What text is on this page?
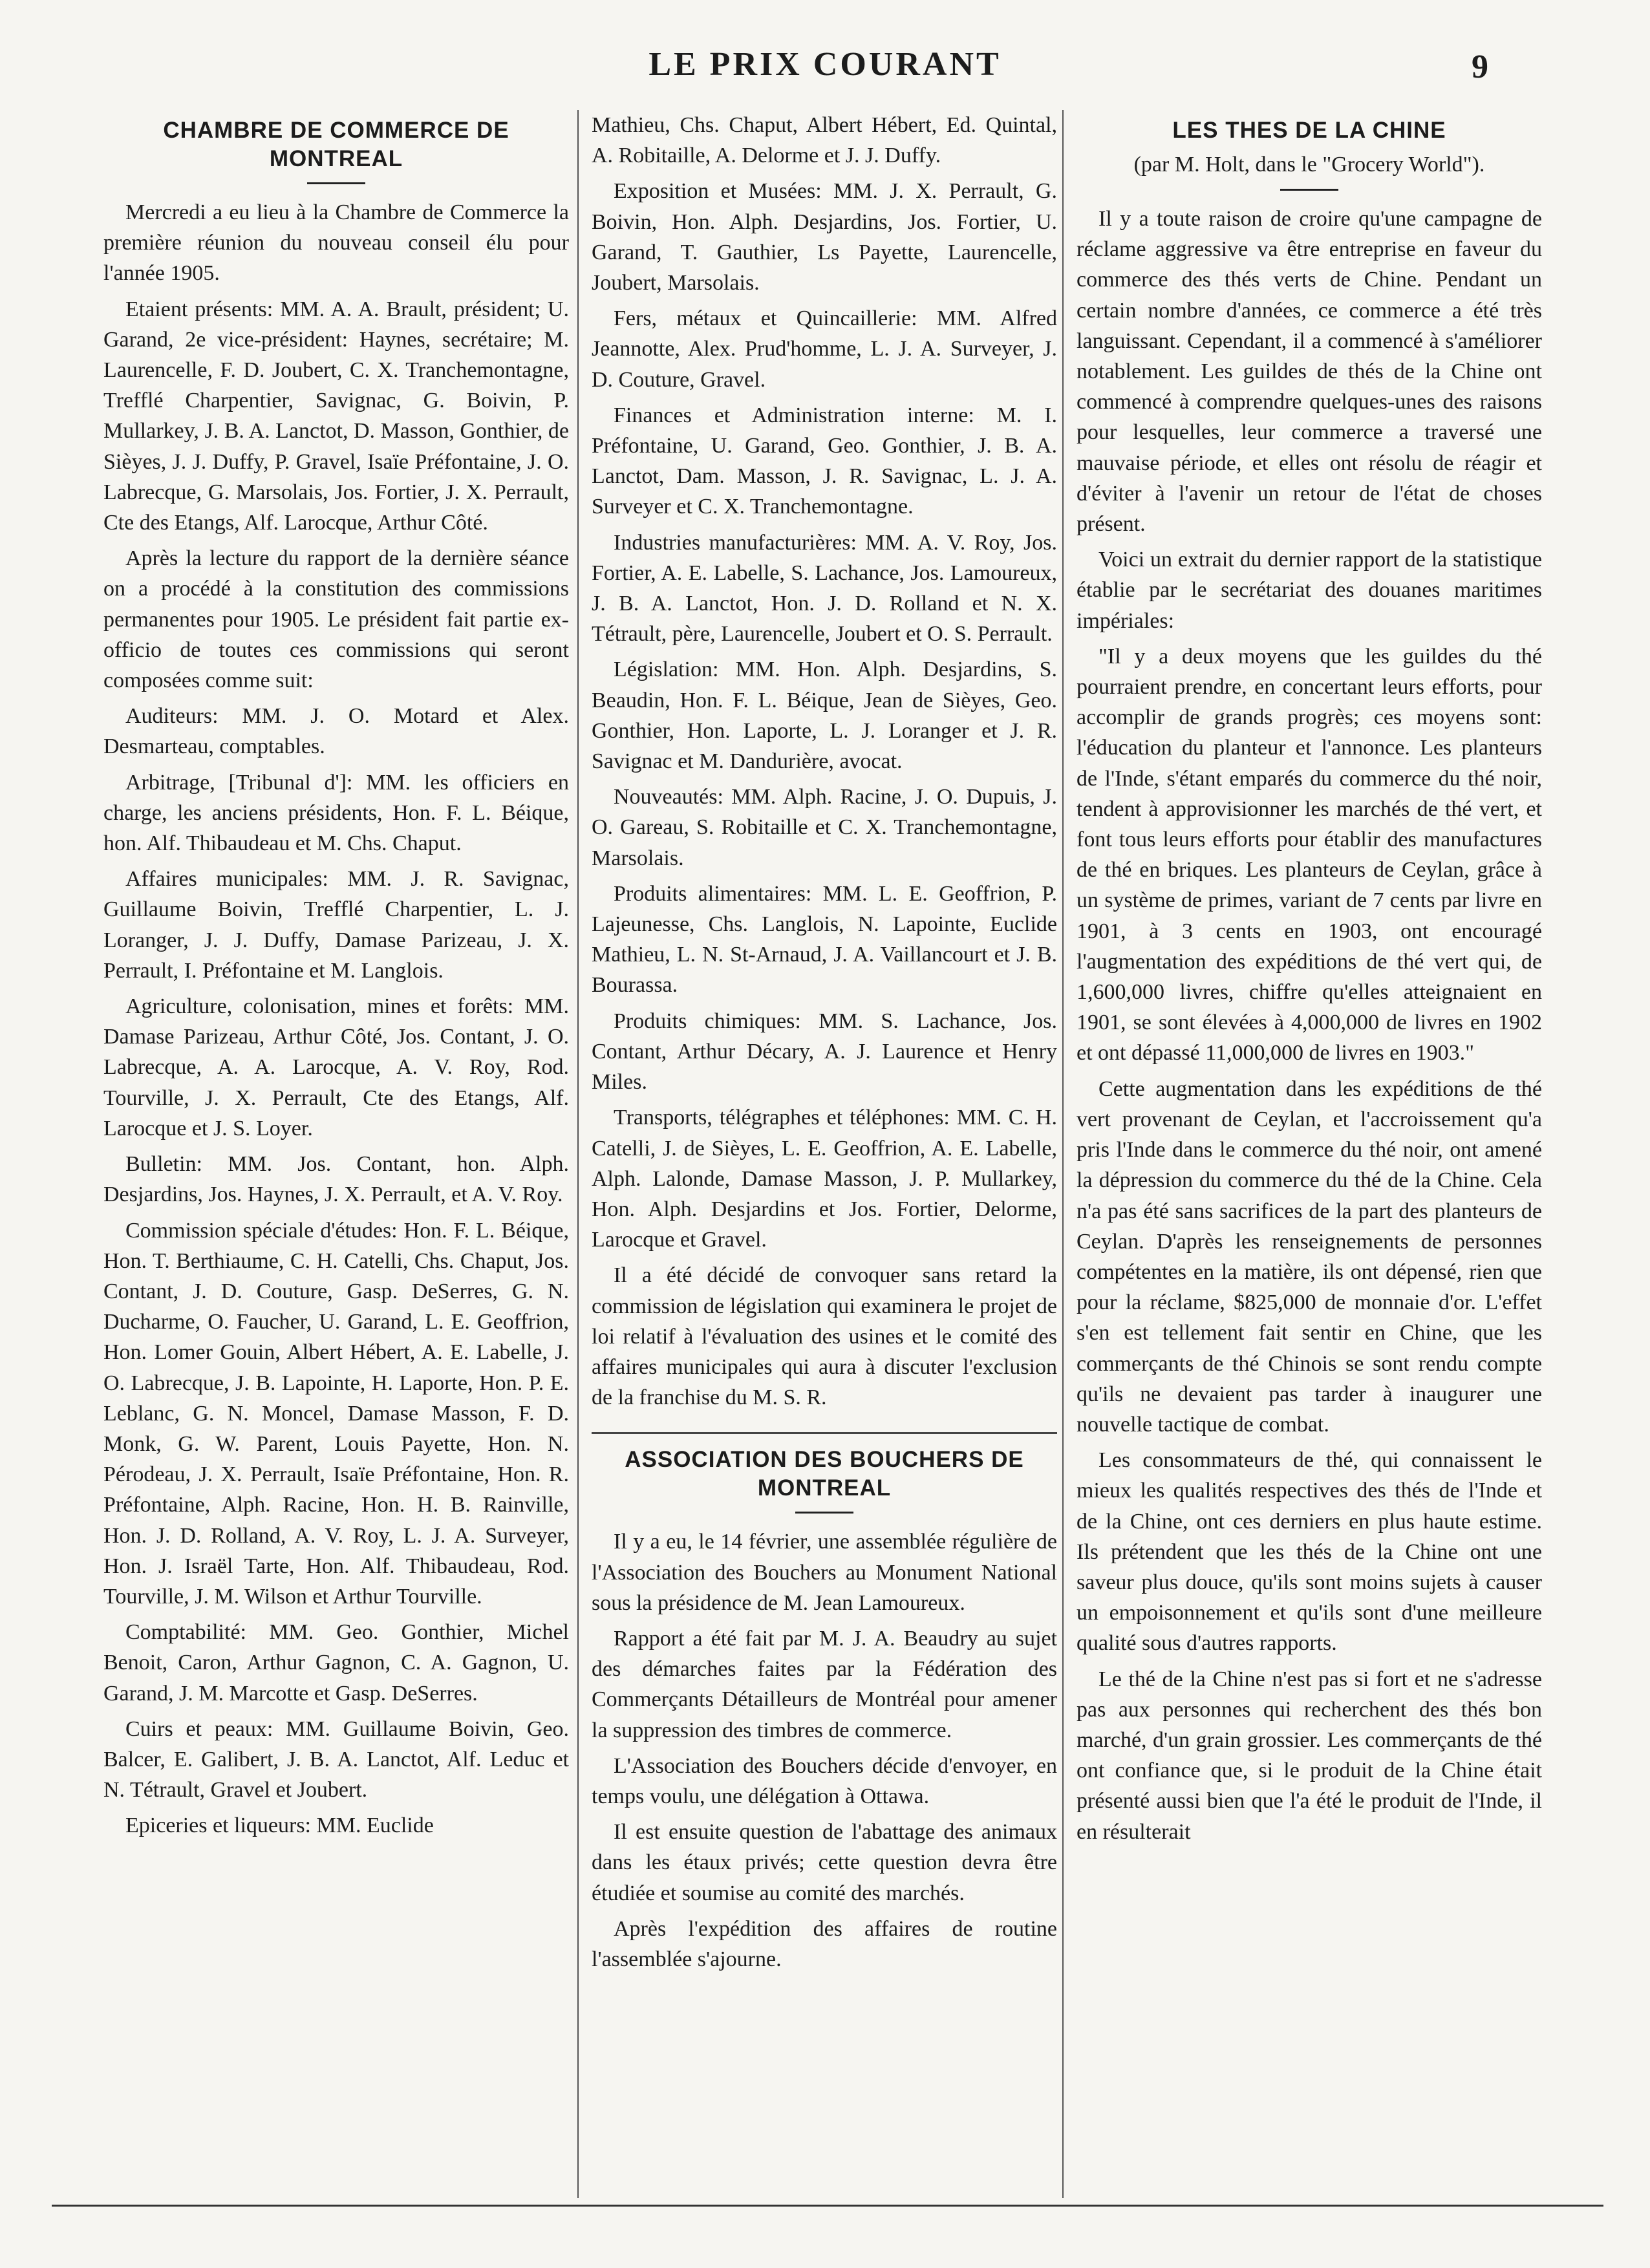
LE PRIX COURANT	9
CHAMBRE DE COMMERCE DE MONTREAL

Mercredi a eu lieu à la Chambre de Commerce la première réunion du nouveau conseil élu pour l'année 1905.

Etaient présents: MM. A. A. Brault, président; U. Garand, 2e vice-président: Haynes, secrétaire; M. Laurencelle, F. D. Joubert, C. X. Tranchemontagne, Trefflé Charpentier, Savignac, G. Boivin, P. Mullarkey, J. B. A. Lanctot, D. Masson, Gonthier, de Sièyes, J. J. Duffy, P. Gravel, Isaïe Préfontaine, J. O. Labrecque, G. Marsolais, Jos. Fortier, J. X. Perrault, Cte des Etangs, Alf. Larocque, Arthur Côté.

Après la lecture du rapport de la dernière séance on a procédé à la constitution des commissions permanentes pour 1905. Le président fait partie ex-officio de toutes ces commissions qui seront composées comme suit:

Auditeurs: MM. J. O. Motard et Alex. Desmarteau, comptables.

Arbitrage, [Tribunal d']: MM. les officiers en charge, les anciens présidents, Hon. F. L. Béique, hon. Alf. Thibaudeau et M. Chs. Chaput.

Affaires municipales: MM. J. R. Savignac, Guillaume Boivin, Trefflé Charpentier, L. J. Loranger, J. J. Duffy, Damase Parizeau, J. X. Perrault, I. Préfontaine et M. Langlois.

Agriculture, colonisation, mines et forêts: MM. Damase Parizeau, Arthur Côté, Jos. Contant, J. O. Labrecque, A. A. Larocque, A. V. Roy, Rod. Tourville, J. X. Perrault, Cte des Etangs, Alf. Larocque et J. S. Loyer.

Bulletin: MM. Jos. Contant, hon. Alph. Desjardins, Jos. Haynes, J. X. Perrault, et A. V. Roy.

Commission spéciale d'études: Hon. F. L. Béique, Hon. T. Berthiaume, C. H. Catelli, Chs. Chaput, Jos. Contant, J. D. Couture, Gasp. DeSerres, G. N. Ducharme, O. Faucher, U. Garand, L. E. Geoffrion, Hon. Lomer Gouin, Albert Hébert, A. E. Labelle, J. O. Labrecque, J. B. Lapointe, H. Laporte, Hon. P. E. Leblanc, G. N. Moncel, Damase Masson, F. D. Monk, G. W. Parent, Louis Payette, Hon. N. Pérodeau, J. X. Perrault, Isaïe Préfontaine, Hon. R. Préfontaine, Alph. Racine, Hon. H. B. Rainville, Hon. J. D. Rolland, A. V. Roy, L. J. A. Surveyer, Hon. J. Israël Tarte, Hon. Alf. Thibaudeau, Rod. Tourville, J. M. Wilson et Arthur Tourville.

Comptabilité: MM. Geo. Gonthier, Michel Benoit, Caron, Arthur Gagnon, C. A. Gagnon, U. Garand, J. M. Marcotte et Gasp. DeSerres.

Cuirs et peaux: MM. Guillaume Boivin, Geo. Balcer, E. Galibert, J. B. A. Lanctot, Alf. Leduc et N. Tétrault, Gravel et Joubert.

Epiceries et liqueurs: MM. Euclide

Mathieu, Chs. Chaput, Albert Hébert, Ed. Quintal, A. Robitaille, A. Delorme et J. J. Duffy.

Exposition et Musées: MM. J. X. Perrault, G. Boivin, Hon. Alph. Desjardins, Jos. Fortier, U. Garand, T. Gauthier, Ls Payette, Laurencelle, Joubert, Marsolais.

Fers, métaux et Quincaillerie: MM. Alfred Jeannotte, Alex. Prud'homme, L. J. A. Surveyer, J. D. Couture, Gravel.

Finances et Administration interne: M. I. Préfontaine, U. Garand, Geo. Gonthier, J. B. A. Lanctot, Dam. Masson, J. R. Savignac, L. J. A. Surveyer et C. X. Tranchemontagne.

Industries manufacturières: MM. A. V. Roy, Jos. Fortier, A. E. Labelle, S. Lachance, Jos. Lamoureux, J. B. A. Lanctot, Hon. J. D. Rolland et N. X. Tétrault, père, Laurencelle, Joubert et O. S. Perrault.

Législation: MM. Hon. Alph. Desjardins, S. Beaudin, Hon. F. L. Béique, Jean de Sièyes, Geo. Gonthier, Hon. Laporte, L. J. Loranger et J. R. Savignac et M. Dandurière, avocat.

Nouveautés: MM. Alph. Racine, J. O. Dupuis, J. O. Gareau, S. Robitaille et C. X. Tranchemontagne, Marsolais.

Produits alimentaires: MM. L. E. Geoffrion, P. Lajeunesse, Chs. Langlois, N. Lapointe, Euclide Mathieu, L. N. St-Arnaud, J. A. Vaillancourt et J. B. Bourassa.

Produits chimiques: MM. S. Lachance, Jos. Contant, Arthur Décary, A. J. Laurence et Henry Miles.

Transports, télégraphes et téléphones: MM. C. H. Catelli, J. de Sièyes, L. E. Geoffrion, A. E. Labelle, Alph. Lalonde, Damase Masson, J. P. Mullarkey, Hon. Alph. Desjardins et Jos. Fortier, Delorme, Larocque et Gravel.

Il a été décidé de convoquer sans retard la commission de législation qui examinera le projet de loi relatif à l'évaluation des usines et le comité des affaires municipales qui aura à discuter l'exclusion de la franchise du M. S. R.

ASSOCIATION DES BOUCHERS DE MONTREAL

Il y a eu, le 14 février, une assemblée régulière de l'Association des Bouchers au Monument National sous la présidence de M. Jean Lamoureux.

Rapport a été fait par M. J. A. Beaudry au sujet des démarches faites par la Fédération des Commerçants Détailleurs de Montréal pour amener la suppression des timbres de commerce.

L'Association des Bouchers décide d'envoyer, en temps voulu, une délégation à Ottawa.

Il est ensuite question de l'abattage des animaux dans les étaux privés; cette question devra être étudiée et soumise au comité des marchés.

Après l'expédition des affaires de routine l'assemblée s'ajourne.

LES THES DE LA CHINE

(par M. Holt, dans le "Grocery World").

Il y a toute raison de croire qu'une campagne de réclame aggressive va être entreprise en faveur du commerce des thés verts de Chine. Pendant un certain nombre d'années, ce commerce a été très languissant. Cependant, il a commencé à s'améliorer notablement. Les guildes de thés de la Chine ont commencé à comprendre quelques-unes des raisons pour lesquelles, leur commerce a traversé une mauvaise période, et elles ont résolu de réagir et d'éviter à l'avenir un retour de l'état de choses présent.

Voici un extrait du dernier rapport de la statistique établie par le secrétariat des douanes maritimes impériales:

"Il y a deux moyens que les guildes du thé pourraient prendre, en concertant leurs efforts, pour accomplir de grands progrès; ces moyens sont: l'éducation du planteur et l'annonce. Les planteurs de l'Inde, s'étant emparés du commerce du thé noir, tendent à approvisionner les marchés de thé vert, et font tous leurs efforts pour établir des manufactures de thé en briques. Les planteurs de Ceylan, grâce à un système de primes, variant de 7 cents par livre en 1901, à 3 cents en 1903, ont encouragé l'augmentation des expéditions de thé vert qui, de 1,600,000 livres, chiffre qu'elles atteignaient en 1901, se sont élevées à 4,000,000 de livres en 1902 et ont dépassé 11,000,000 de livres en 1903."

Cette augmentation dans les expéditions de thé vert provenant de Ceylan, et l'accroissement qu'a pris l'Inde dans le commerce du thé noir, ont amené la dépression du commerce du thé de la Chine. Cela n'a pas été sans sacrifices de la part des planteurs de Ceylan. D'après les renseignements de personnes compétentes en la matière, ils ont dépensé, rien que pour la réclame, $825,000 de monnaie d'or. L'effet s'en est tellement fait sentir en Chine, que les commerçants de thé Chinois se sont rendu compte qu'ils ne devaient pas tarder à inaugurer une nouvelle tactique de combat.

Les consommateurs de thé, qui connaissent le mieux les qualités respectives des thés de l'Inde et de la Chine, ont ces derniers en plus haute estime. Ils prétendent que les thés de la Chine ont une saveur plus douce, qu'ils sont moins sujets à causer un empoisonnement et qu'ils sont d'une meilleure qualité sous d'autres rapports.

Le thé de la Chine n'est pas si fort et ne s'adresse pas aux personnes qui recherchent des thés bon marché, d'un grain grossier. Les commerçants de thé ont confiance que, si le produit de la Chine était présenté aussi bien que l'a été le produit de l'Inde, il en résulterait
